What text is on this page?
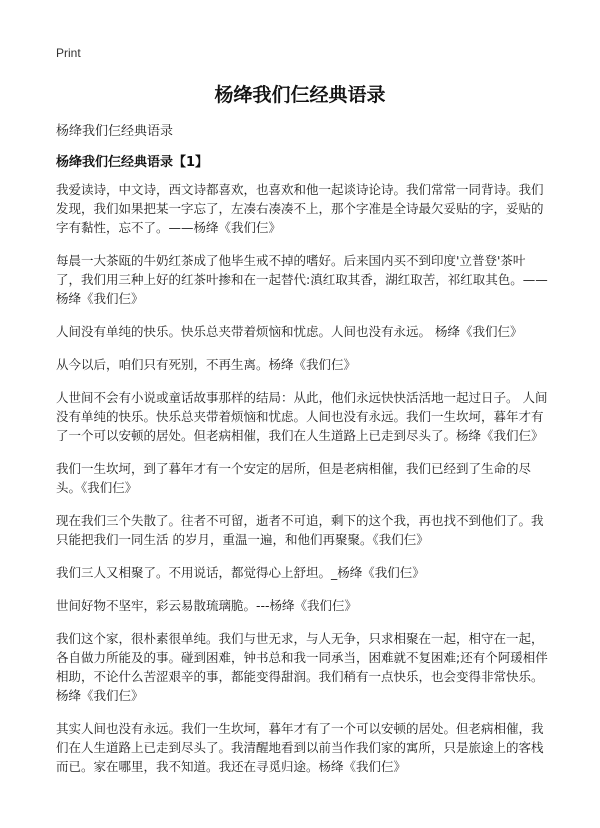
Print
杨绛我们仨经典语录

杨绛我们仨经典语录

杨绛我们仨经典语录【1】

我爱读诗，中文诗，西文诗都喜欢，也喜欢和他一起谈诗论诗。我们常常一同背诗。我们发现，我们如果把某一字忘了，左凑右凑凑不上，那个字准是全诗最欠妥贴的字，妥贴的字有黏性，忘不了。——杨绛《我们仨》

每晨一大茶瓯的牛奶红茶成了他毕生戒不掉的嗜好。后来国内买不到印度'立普登'茶叶了，我们用三种上好的红茶叶掺和在一起替代:滇红取其香，湖红取苦，祁红取其色。——杨绛《我们仨》

人间没有单纯的快乐。快乐总夹带着烦恼和忧虑。人间也没有永远。 杨绛《我们仨》

从今以后，咱们只有死别，不再生离。杨绛《我们仨》

人世间不会有小说或童话故事那样的结局：从此，他们永远快快活活地一起过日子。 人间没有单纯的快乐。快乐总夹带着烦恼和忧虑。人间也没有永远。我们一生坎坷，暮年才有了一个可以安顿的居处。但老病相催，我们在人生道路上已走到尽头了。杨绛《我们仨》

我们一生坎坷，到了暮年才有一个安定的居所，但是老病相催，我们已经到了生命的尽头。《我们仨》

现在我们三个失散了。往者不可留，逝者不可追，剩下的这个我，再也找不到他们了。我只能把我们一同生活 的岁月，重温一遍，和他们再聚聚。《我们仨》

我们三人又相聚了。不用说话，都觉得心上舒坦。_杨绛《我们仨》

世间好物不坚牢，彩云易散琉璃脆。---杨绛《我们仨》

我们这个家，很朴素很单纯。我们与世无求，与人无争，只求相聚在一起，相守在一起，各自做力所能及的事。碰到困难，钟书总和我一同承当，困难就不复困难;还有个阿瑗相伴相助，不论什么苦涩艰辛的事，都能变得甜润。我们稍有一点快乐，也会变得非常快乐。杨绛《我们仨》

其实人间也没有永远。我们一生坎坷，暮年才有了一个可以安顿的居处。但老病相催，我们在人生道路上已走到尽头了。我清醒地看到以前当作我们家的寓所，只是旅途上的客栈而已。家在哪里，我不知道。我还在寻觅归途。杨绛《我们仨》
